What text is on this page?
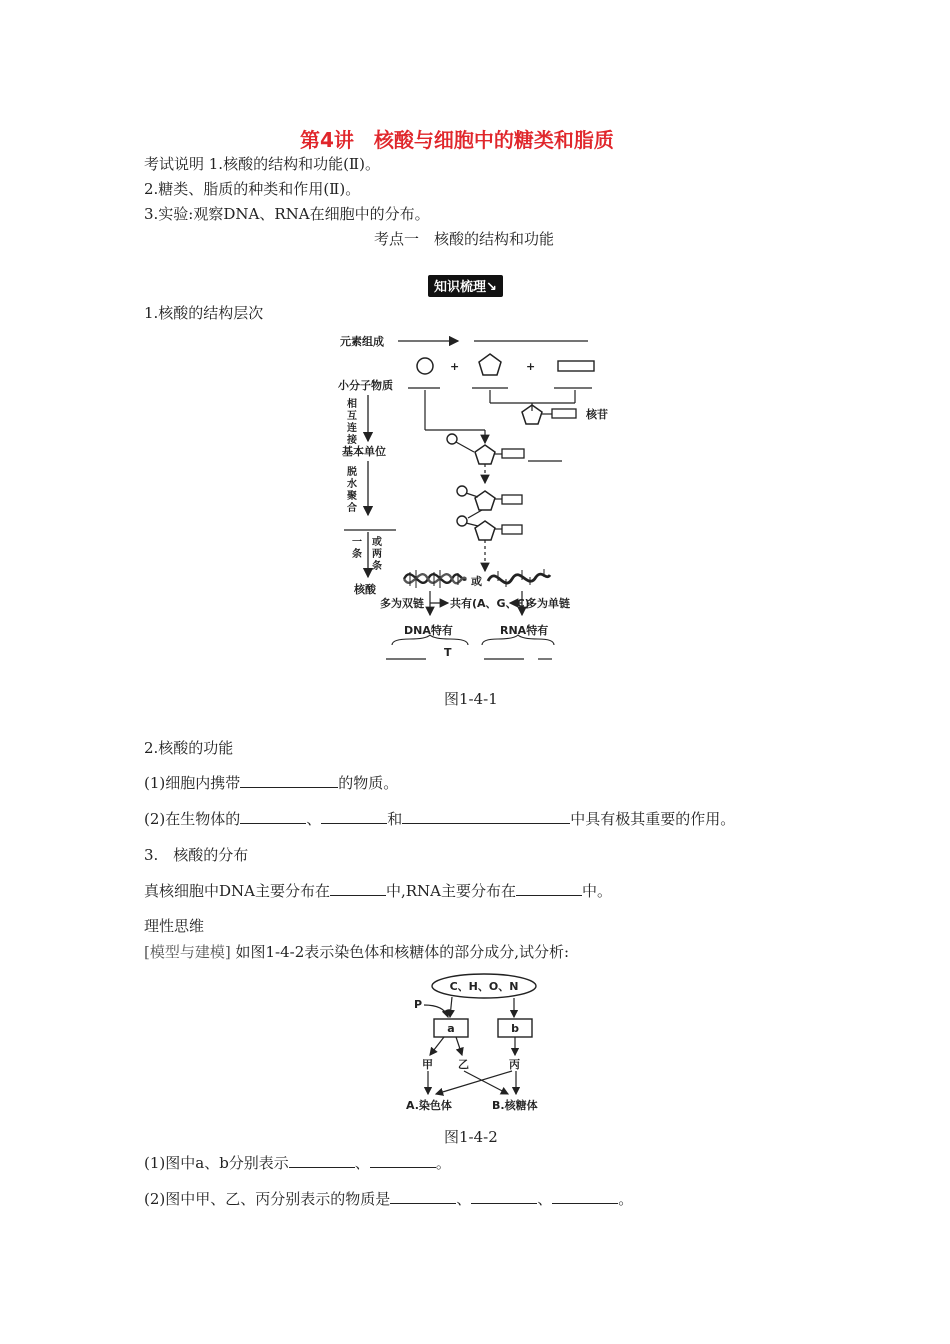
第4讲　核酸与细胞中的糖类和脂质
考试说明 1.核酸的结构和功能(Ⅱ)。
2.糖类、脂质的种类和作用(Ⅱ)。
3.实验:观察DNA、RNA在细胞中的分布。
考点一　核酸的结构和功能
知识梳理↘
1.核酸的结构层次
元素组成
+	+
小分子物质
核苷
相
互
连
接
基本单位
脱
水
聚
合
一
条
或
两
条
核酸
或
多为双链 共有(A、G、C)
多为单链
DNA特有	RNA特有
T
图1-4-1
2.核酸的功能
(1)细胞内携带	的物质。
(2)在生物体的	、	和	中具有极其重要的作用。
3.　核酸的分布
真核细胞中DNA主要分布在	中,RNA主要分布在	中。
理性思维
[模型与建模] 如图1-4-2表示染色体和核糖体的部分成分,试分析:
C、H、O、N
P
a	b
甲 乙	丙
A.染色体	B.核糖体
图1-4-2
(1)图中a、b分别表示	、	。
(2)图中甲、乙、丙分别表示的物质是	、	、	。
